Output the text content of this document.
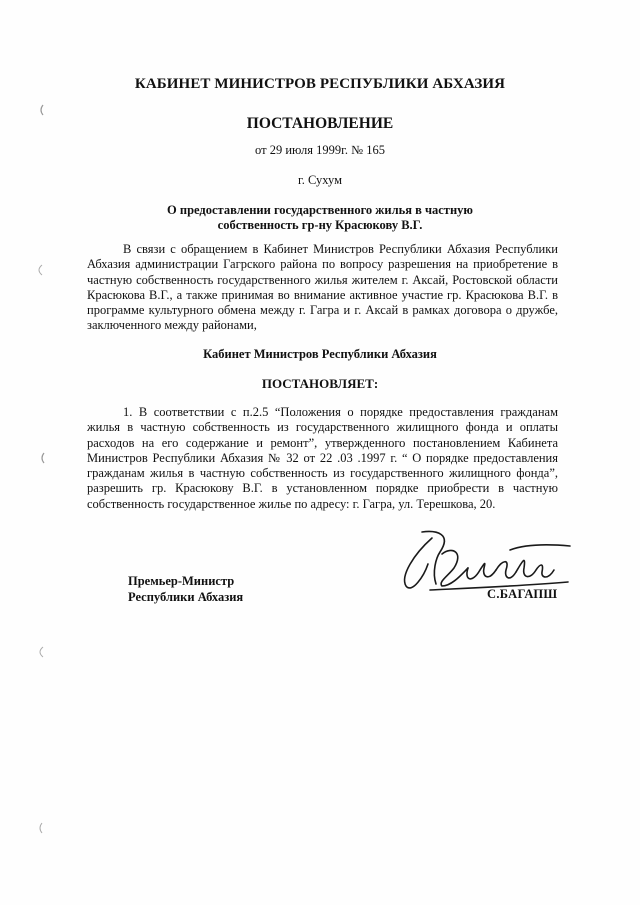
КАБИНЕТ МИНИСТРОВ РЕСПУБЛИКИ АБХАЗИЯ
ПОСТАНОВЛЕНИЕ
от 29 июля 1999г. № 165
г. Сухум
О предоставлении государственного жилья в частную
собственность гр-ну Красюкову В.Г.

В связи с обращением в Кабинет Министров Республики Абхазия Республики Абхазия администрации Гагрского района по вопросу разрешения на приобретение в частную собственность государственного жилья жителем г. Аксай, Ростовской области Красюкова В.Г., а также принимая во внимание активное участие гр. Красюкова В.Г. в программе культурного обмена между г. Гагра и г. Аксай в рамках договора о дружбе, заключенного между районами,

Кабинет Министров Республики Абхазия
ПОСТАНОВЛЯЕТ:

1. В соответствии с п.2.5 “Положения о порядке предоставления гражданам жилья в частную собственность из государственного жилищного фонда и оплаты расходов на его содержание и ремонт”, утвержденного постановлением Кабинета Министров Республики Абхазия № 32 от 22 .03 .1997 г. “ О порядке предоставления гражданам жилья в частную собственность из государственного жилищного фонда”, разрешить гр. Красюкову В.Г. в установленном порядке приобрести в частную собственность государственное жилье по адресу: г. Гагра, ул. Терешкова, 20.

Премьер-Министр
Республики Абхазия	С.БАГАПШ
